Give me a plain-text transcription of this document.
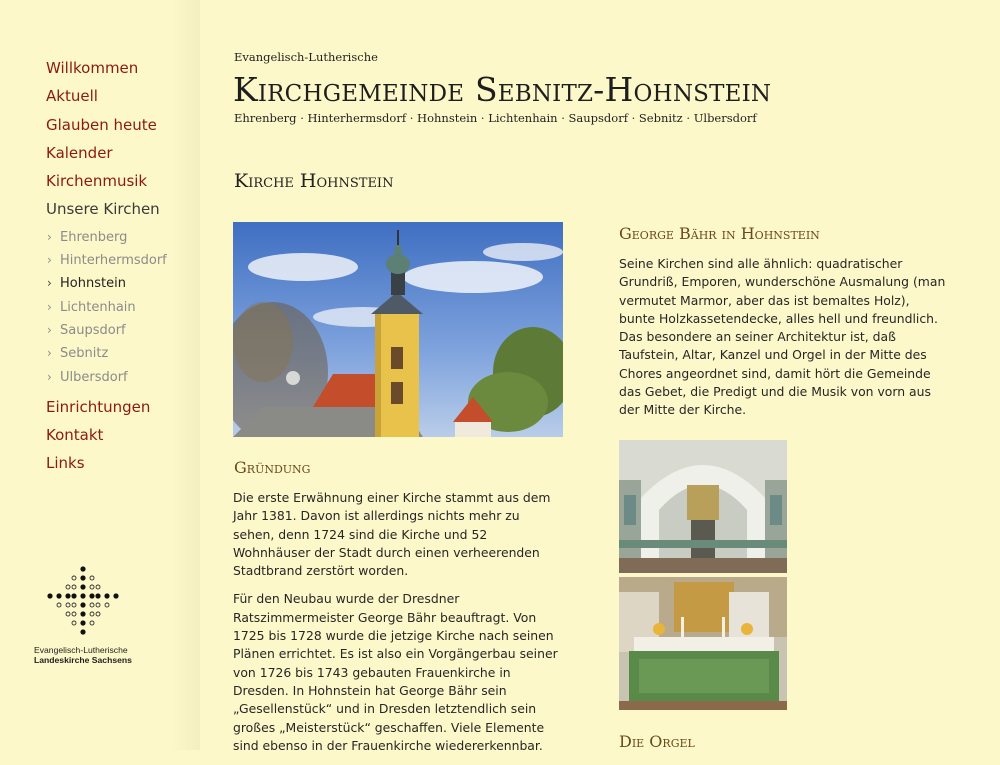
Willkommen
Aktuell
Glauben heute
Kalender
Kirchenmusik
Unsere Kirchen
› Ehrenberg
› Hinterhermsdorf
› Hohnstein
› Lichtenhain
› Saupsdorf
› Sebnitz
› Ulbersdorf
Einrichtungen
Kontakt
Links
Evangelisch-Lutherische
Landeskirche Sachsens
Evangelisch-Lutherische
Kirchgemeinde Sebnitz-Hohnstein
Ehrenberg · Hinterhermsdorf · Hohnstein · Lichtenhain · Saupsdorf · Sebnitz · Ulbersdorf
Kirche Hohnstein
Gründung

Die erste Erwähnung einer Kirche stammt aus dem Jahr 1381. Davon ist allerdings nichts mehr zu sehen, denn 1724 sind die Kirche und 52 Wohnhäuser der Stadt durch einen verheerenden Stadtbrand zerstört worden.

Für den Neubau wurde der Dresdner Ratszimmermeister George Bähr beauftragt. Von 1725 bis 1728 wurde die jetzige Kirche nach seinen Plänen errichtet. Es ist also ein Vorgängerbau seiner von 1726 bis 1743 gebauten Frauenkirche in Dresden. In Hohnstein hat George Bähr sein „Gesellenstück“ und in Dresden letztendlich sein großes „Meisterstück“ geschaffen. Viele Elemente sind ebenso in der Frauenkirche wiedererkennbar.

George Bähr in Hohnstein

Seine Kirchen sind alle ähnlich: quadratischer Grundriß, Emporen, wunderschöne Ausmalung (man vermutet Marmor, aber das ist bemaltes Holz), bunte Holzkassetendecke, alles hell und freundlich. Das besondere an seiner Architektur ist, daß Taufstein, Altar, Kanzel und Orgel in der Mitte des Chores angeordnet sind, damit hört die Gemeinde das Gebet, die Predigt und die Musik von vorn aus der Mitte der Kirche.

Die Orgel
